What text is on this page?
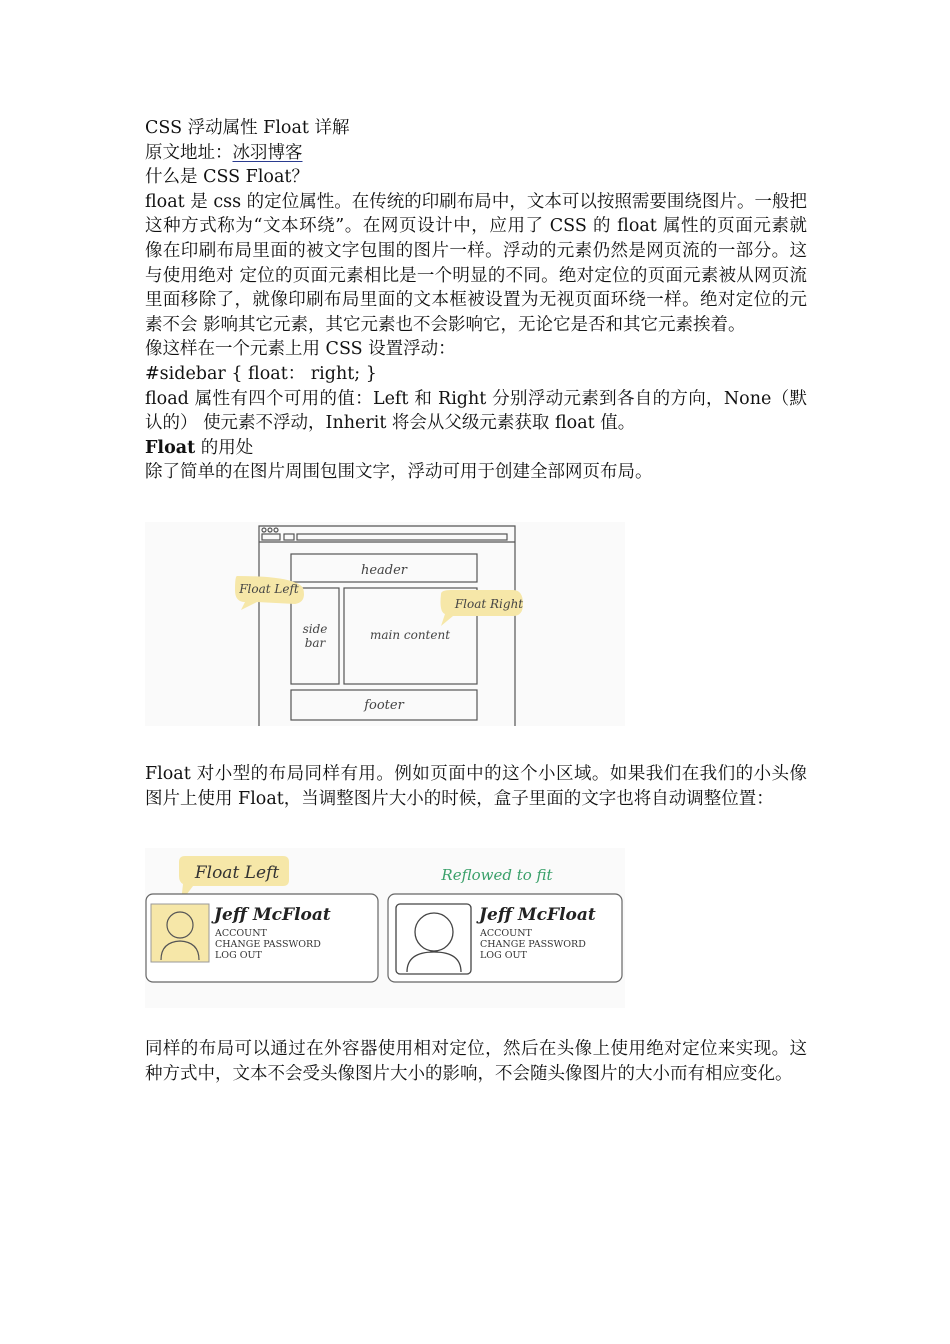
CSS 浮动属性 Float 详解

原文地址：冰羽博客

什么是 CSS Float？

float 是 css 的定位属性。在传统的印刷布局中，文本可以按照需要围绕图片。一般把这种方式称为“文本环绕”。在网页设计中，应用了 CSS 的 float 属性的页面元素就 像在印刷布局里面的被文字包围的图片一样。浮动的元素仍然是网页流的一部分。这与使用绝对 定位的页面元素相比是一个明显的不同。绝对定位的页面元素被从网页流里面移除了，就像印刷布局里面的文本框被设置为无视页面环绕一样。绝对定位的元素不会 影响其它元素，其它元素也不会影响它，无论它是否和其它元素挨着。

像这样在一个元素上用 CSS 设置浮动：

#sidebar { float： right; }

flоad 属性有四个可用的值：Left 和 Right 分别浮动元素到各自的方向，None（默认的） 使元素不浮动，Inherit 将会从父级元素获取 float 值。

Float 的用处

除了简单的在图片周围包围文字，浮动可用于创建全部网页布局。

header
side
bar
main content
footer
Float Left
Float Right

Float 对小型的布局同样有用。例如页面中的这个小区域。如果我们在我们的小头像图片上使用 Float，当调整图片大小的时候，盒子里面的文字也将自动调整位置：

Float Left	Reflowed to fit
Jeff McFloat
ACCOUNT
CHANGE PASSWORD
LOG OUT
Jeff McFloat
ACCOUNT
CHANGE PASSWORD
LOG OUT

同样的布局可以通过在外容器使用相对定位，然后在头像上使用绝对定位来实现。这种方式中，文本不会受头像图片大小的影响，不会随头像图片的大小而有相应变化。
